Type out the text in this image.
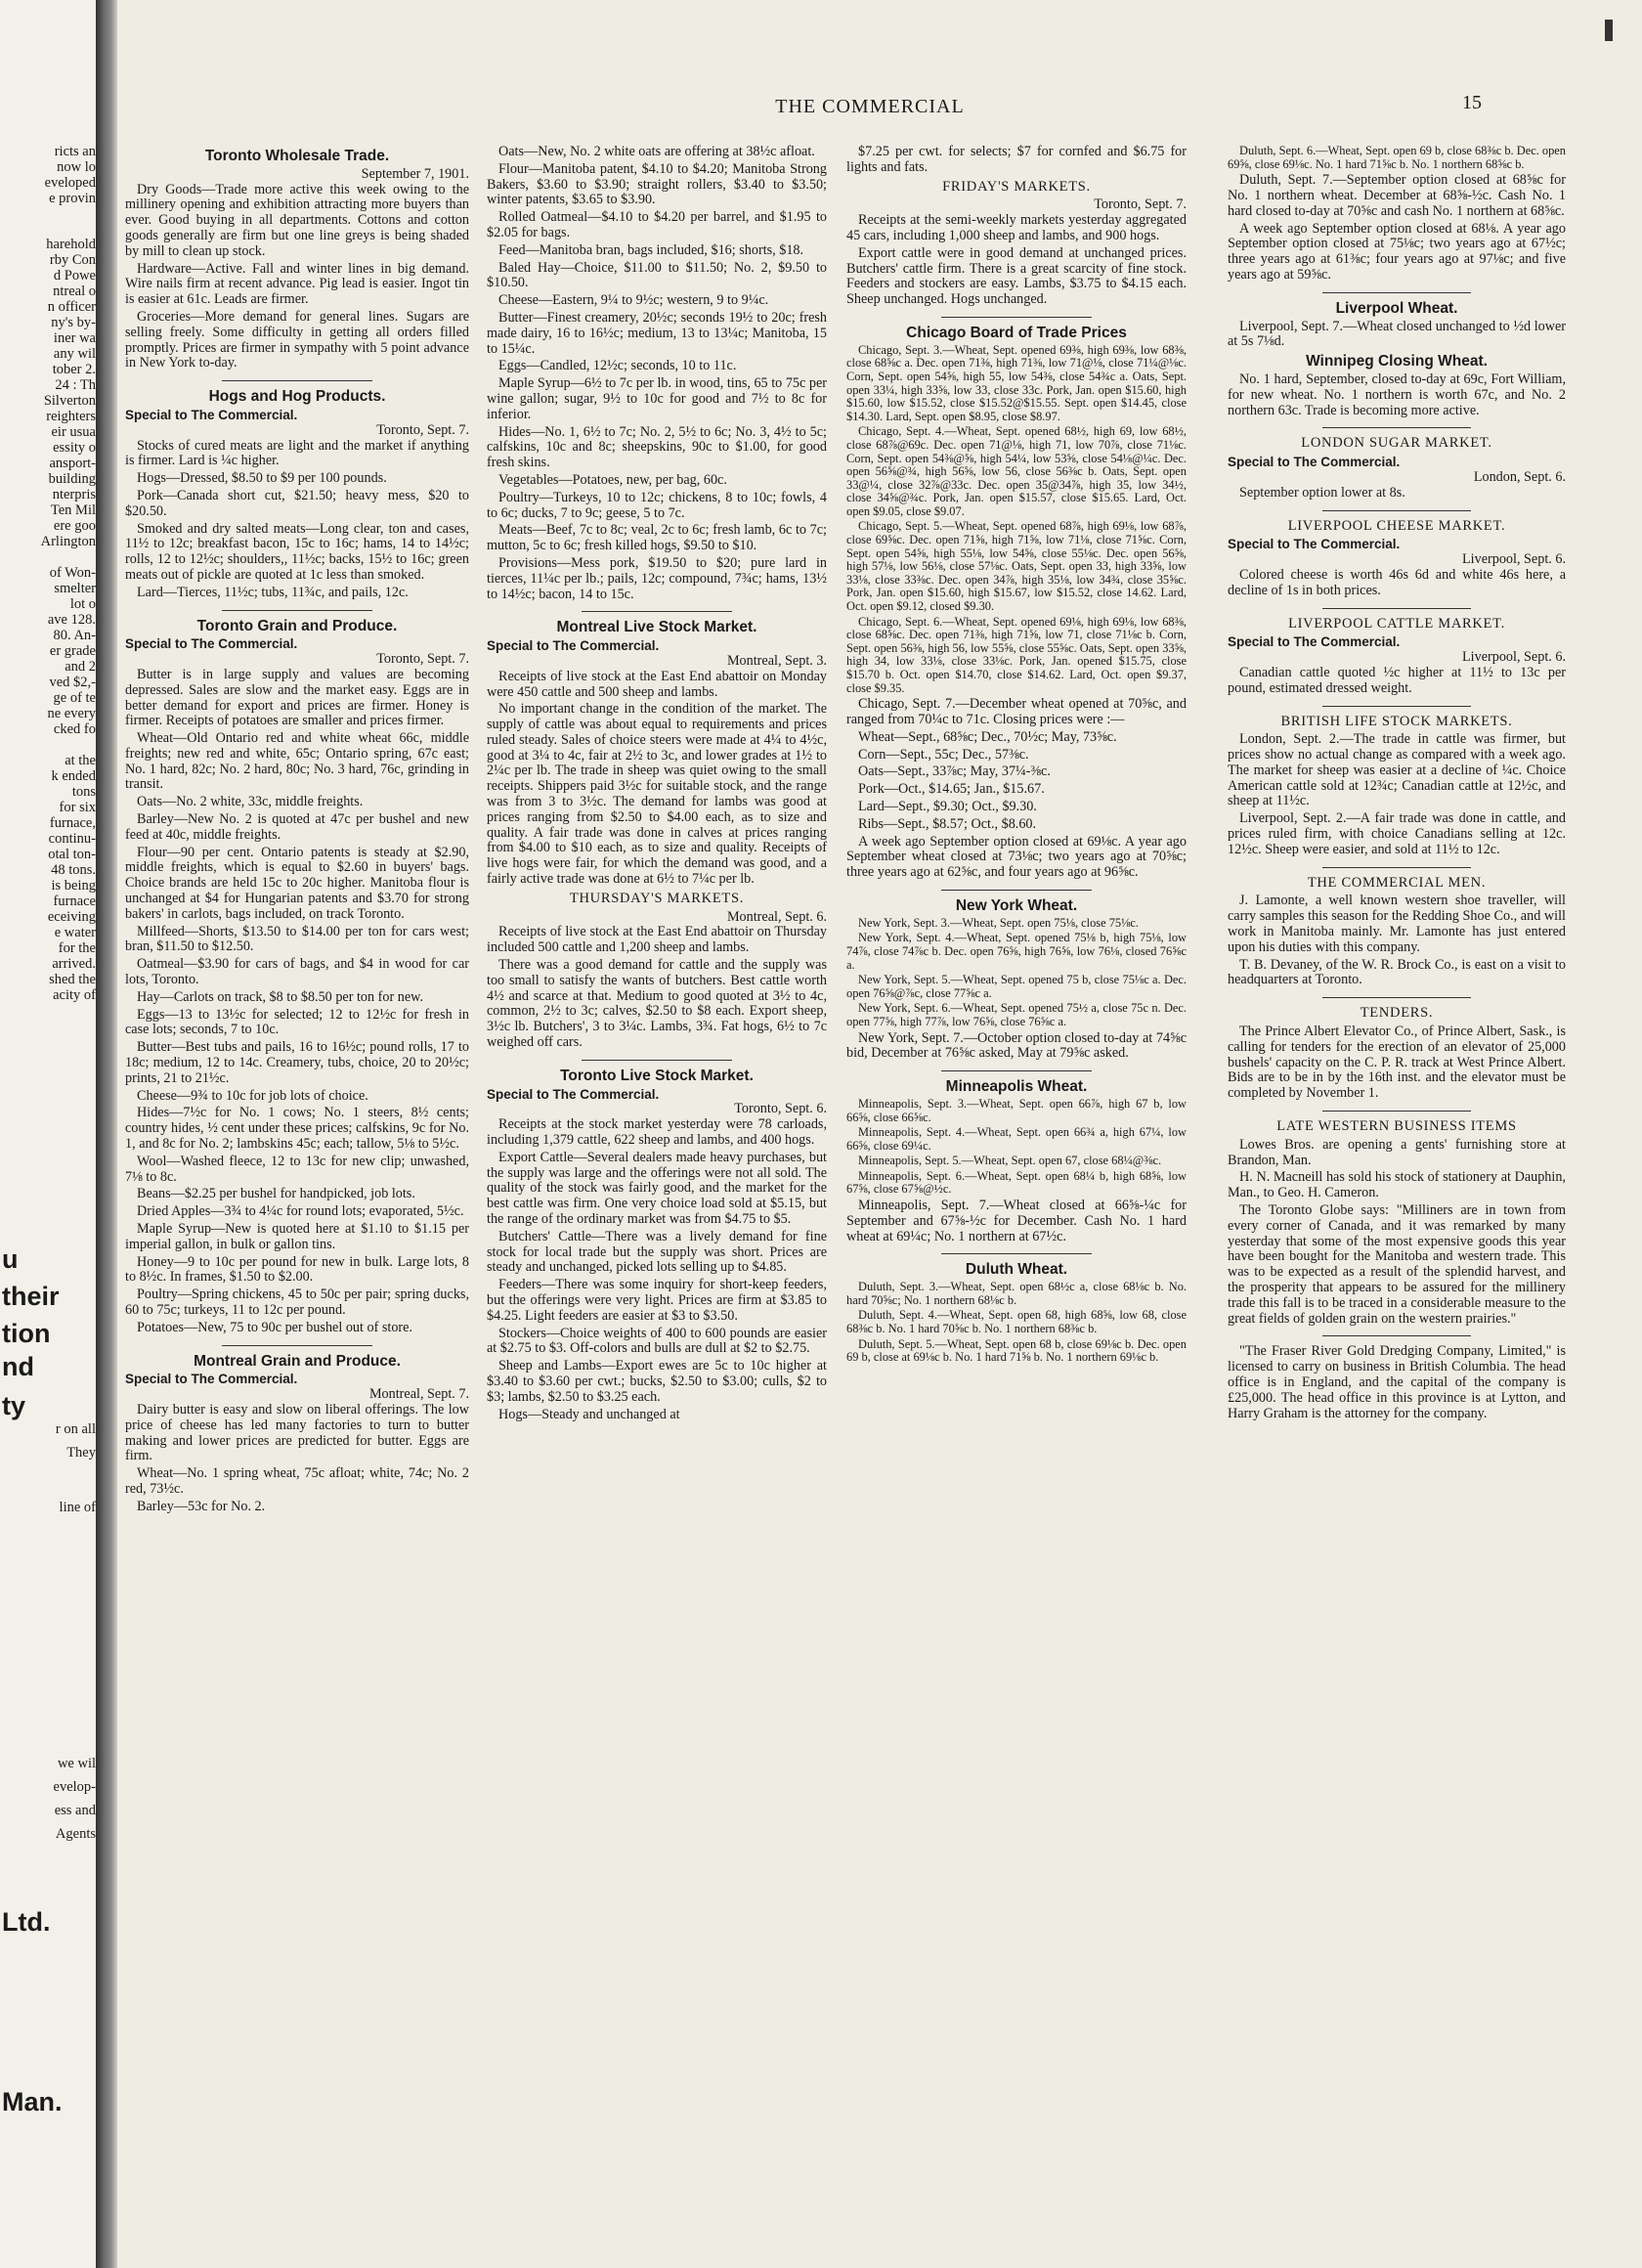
ricts an
now lo
eveloped
e provin
harehold
rby Con
d Powe
ntreal o
n officer
ny's by-
iner wa
any wil
tober 2.
24 : Th
Silverton
reighters
eir usua
essity o
ansport-
building
nterpris
Ten Mil
ere goo
Arlington
of Won-
smelter
lot o
ave 128.
80. An-
er grade
and 2
ved $2,-
ge of te
ne every
cked fo
at the
k ended
tons
for six
furnace,
continu-
otal ton-
48 tons.
is being
furnace
eceiving
e water
for the
arrived.
shed the
acity of
r on all
They
line of
we wil
evelop-
ess and
Agents
u
their
tion
nd
ty
Ltd.
Man.
THE COMMERCIAL	15

Toronto Wholesale Trade.

September 7, 1901.

Dry Goods—Trade more active this week owing to the millinery opening and exhibition attracting more buyers than ever. Good buying in all departments. Cottons and cotton goods generally are firm but one line greys is being shaded by mill to clean up stock.

Hardware—Active. Fall and winter lines in big demand. Wire nails firm at recent advance. Pig lead is easier. Ingot tin is easier at 61c. Leads are firmer.

Groceries—More demand for general lines. Sugars are selling freely. Some difficulty in getting all orders filled promptly. Prices are firmer in sympathy with 5 point advance in New York to-day.

Hogs and Hog Products.

Special to The Commercial.

Toronto, Sept. 7.

Stocks of cured meats are light and the market if anything is firmer. Lard is ¼c higher.

Hogs—Dressed, $8.50 to $9 per 100 pounds.

Pork—Canada short cut, $21.50; heavy mess, $20 to $20.50.

Smoked and dry salted meats—Long clear, ton and cases, 11½ to 12c; breakfast bacon, 15c to 16c; hams, 14 to 14½c; rolls, 12 to 12½c; shoulders,, 11½c; backs, 15½ to 16c; green meats out of pickle are quoted at 1c less than smoked.

Lard—Tierces, 11½c; tubs, 11¾c, and pails, 12c.

Toronto Grain and Produce.

Special to The Commercial.

Toronto, Sept. 7.

Butter is in large supply and values are becoming depressed. Sales are slow and the market easy. Eggs are in better demand for export and prices are firmer. Honey is firmer. Receipts of potatoes are smaller and prices firmer.

Wheat—Old Ontario red and white wheat 66c, middle freights; new red and white, 65c; Ontario spring, 67c east; No. 1 hard, 82c; No. 2 hard, 80c; No. 3 hard, 76c, grinding in transit.

Oats—No. 2 white, 33c, middle freights.

Barley—New No. 2 is quoted at 47c per bushel and new feed at 40c, middle freights.

Flour—90 per cent. Ontario patents is steady at $2.90, middle freights, which is equal to $2.60 in buyers' bags. Choice brands are held 15c to 20c higher. Manitoba flour is unchanged at $4 for Hungarian patents and $3.70 for strong bakers' in carlots, bags included, on track Toronto.

Millfeed—Shorts, $13.50 to $14.00 per ton for cars west; bran, $11.50 to $12.50.

Oatmeal—$3.90 for cars of bags, and $4 in wood for car lots, Toronto.

Hay—Carlots on track, $8 to $8.50 per ton for new.

Eggs—13 to 13½c for selected; 12 to 12½c for fresh in case lots; seconds, 7 to 10c.

Butter—Best tubs and pails, 16 to 16½c; pound rolls, 17 to 18c; medium, 12 to 14c. Creamery, tubs, choice, 20 to 20½c; prints, 21 to 21½c.

Cheese—9¾ to 10c for job lots of choice.

Hides—7½c for No. 1 cows; No. 1 steers, 8½ cents; country hides, ½ cent under these prices; calfskins, 9c for No. 1, and 8c for No. 2; lambskins 45c; each; tallow, 5⅛ to 5½c.

Wool—Washed fleece, 12 to 13c for new clip; unwashed, 7⅛ to 8c.

Beans—$2.25 per bushel for handpicked, job lots.

Dried Apples—3¾ to 4¼c for round lots; evaporated, 5½c.

Maple Syrup—New is quoted here at $1.10 to $1.15 per imperial gallon, in bulk or gallon tins.

Honey—9 to 10c per pound for new in bulk. Large lots, 8 to 8½c. In frames, $1.50 to $2.00.

Poultry—Spring chickens, 45 to 50c per pair; spring ducks, 60 to 75c; turkeys, 11 to 12c per pound.

Potatoes—New, 75 to 90c per bushel out of store.

Montreal Grain and Produce.

Special to The Commercial.

Montreal, Sept. 7.

Dairy butter is easy and slow on liberal offerings. The low price of cheese has led many factories to turn to butter making and lower prices are predicted for butter. Eggs are firm.

Wheat—No. 1 spring wheat, 75c afloat; white, 74c; No. 2 red, 73½c.

Barley—53c for No. 2.

Oats—New, No. 2 white oats are offering at 38½c afloat.

Flour—Manitoba patent, $4.10 to $4.20; Manitoba Strong Bakers, $3.60 to $3.90; straight rollers, $3.40 to $3.50; winter patents, $3.65 to $3.90.

Rolled Oatmeal—$4.10 to $4.20 per barrel, and $1.95 to $2.05 for bags.

Feed—Manitoba bran, bags included, $16; shorts, $18.

Baled Hay—Choice, $11.00 to $11.50; No. 2, $9.50 to $10.50.

Cheese—Eastern, 9¼ to 9½c; western, 9 to 9¼c.

Butter—Finest creamery, 20½c; seconds 19½ to 20c; fresh made dairy, 16 to 16½c; medium, 13 to 13¼c; Manitoba, 15 to 15¼c.

Eggs—Candled, 12½c; seconds, 10 to 11c.

Maple Syrup—6½ to 7c per lb. in wood, tins, 65 to 75c per wine gallon; sugar, 9½ to 10c for good and 7½ to 8c for inferior.

Hides—No. 1, 6½ to 7c; No. 2, 5½ to 6c; No. 3, 4½ to 5c; calfskins, 10c and 8c; sheepskins, 90c to $1.00, for good fresh skins.

Vegetables—Potatoes, new, per bag, 60c.

Poultry—Turkeys, 10 to 12c; chickens, 8 to 10c; fowls, 4 to 6c; ducks, 7 to 9c; geese, 5 to 7c.

Meats—Beef, 7c to 8c; veal, 2c to 6c; fresh lamb, 6c to 7c; mutton, 5c to 6c; fresh killed hogs, $9.50 to $10.

Provisions—Mess pork, $19.50 to $20; pure lard in tierces, 11¼c per lb.; pails, 12c; compound, 7¾c; hams, 13½ to 14½c; bacon, 14 to 15c.

Montreal Live Stock Market.

Special to The Commercial.

Montreal, Sept. 3.

Receipts of live stock at the East End abattoir on Monday were 450 cattle and 500 sheep and lambs.

No important change in the condition of the market. The supply of cattle was about equal to requirements and prices ruled steady. Sales of choice steers were made at 4¼ to 4½c, good at 3¼ to 4c, fair at 2½ to 3c, and lower grades at 1½ to 2¼c per lb. The trade in sheep was quiet owing to the small receipts. Shippers paid 3½c for suitable stock, and the range was from 3 to 3½c. The demand for lambs was good at prices ranging from $2.50 to $4.00 each, as to size and quality. A fair trade was done in calves at prices ranging from $4.00 to $10 each, as to size and quality. Receipts of live hogs were fair, for which the demand was good, and a fairly active trade was done at 6½ to 7¼c per lb.

THURSDAY'S MARKETS.

Montreal, Sept. 6.

Receipts of live stock at the East End abattoir on Thursday included 500 cattle and 1,200 sheep and lambs.

There was a good demand for cattle and the supply was too small to satisfy the wants of butchers. Best cattle worth 4½ and scarce at that. Medium to good quoted at 3½ to 4c, common, 2½ to 3c; calves, $2.50 to $8 each. Export sheep, 3½c lb. Butchers', 3 to 3¼c. Lambs, 3¾. Fat hogs, 6½ to 7c weighed off cars.

Toronto Live Stock Market.

Special to The Commercial.

Toronto, Sept. 6.

Receipts at the stock market yesterday were 78 carloads, including 1,379 cattle, 622 sheep and lambs, and 400 hogs.

Export Cattle—Several dealers made heavy purchases, but the supply was large and the offerings were not all sold. The quality of the stock was fairly good, and the market for the best cattle was firm. One very choice load sold at $5.15, but the range of the ordinary market was from $4.75 to $5.

Butchers' Cattle—There was a lively demand for fine stock for local trade but the supply was short. Prices are steady and unchanged, picked lots selling up to $4.85.

Feeders—There was some inquiry for short-keep feeders, but the offerings were very light. Prices are firm at $3.85 to $4.25. Light feeders are easier at $3 to $3.50.

Stockers—Choice weights of 400 to 600 pounds are easier at $2.75 to $3. Off-colors and bulls are dull at $2 to $2.75.

Sheep and Lambs—Export ewes are 5c to 10c higher at $3.40 to $3.60 per cwt.; bucks, $2.50 to $3.00; culls, $2 to $3; lambs, $2.50 to $3.25 each.

Hogs—Steady and unchanged at

$7.25 per cwt. for selects; $7 for cornfed and $6.75 for lights and fats.

FRIDAY'S MARKETS.

Toronto, Sept. 7.

Receipts at the semi-weekly markets yesterday aggregated 45 cars, including 1,000 sheep and lambs, and 900 hogs.

Export cattle were in good demand at unchanged prices. Butchers' cattle firm. There is a great scarcity of fine stock. Feeders and stockers are easy. Lambs, $3.75 to $4.15 each. Sheep unchanged. Hogs unchanged.

Chicago Board of Trade Prices

Chicago, Sept. 3.—Wheat, Sept. opened 69⅜, high 69⅜, low 68⅜, close 68⅝c a. Dec. open 71⅜, high 71⅜, low 71@⅛, close 71¼@⅛c. Corn, Sept. open 54⅝, high 55, low 54⅜, close 54¾c a. Oats, Sept. open 33¼, high 33⅝, low 33, close 33c. Pork, Jan. open $15.60, high $15.60, low $15.52, close $15.52@$15.55. Sept. open $14.45, close $14.30. Lard, Sept. open $8.95, close $8.97.

Chicago, Sept. 4.—Wheat, Sept. opened 68½, high 69, low 68½, close 68⅞@69c. Dec. open 71@⅛, high 71, low 70⅞, close 71⅛c. Corn, Sept. open 54⅜@⅝, high 54¼, low 53⅝, close 54⅛@¼c. Dec. open 56⅝@¾, high 56⅝, low 56, close 56⅜c b. Oats, Sept. open 33@¼, close 32⅞@33c. Dec. open 35@34⅞, high 35, low 34½, close 34⅝@¾c. Pork, Jan. open $15.57, close $15.65. Lard, Oct. open $9.05, close $9.07.

Chicago, Sept. 5.—Wheat, Sept. opened 68⅞, high 69⅛, low 68⅞, close 69⅝c. Dec. open 71⅝, high 71⅝, low 71⅛, close 71⅝c. Corn, Sept. open 54⅝, high 55⅛, low 54⅝, close 55⅛c. Dec. open 56⅝, high 57⅛, low 56⅛, close 57⅛c. Oats, Sept. open 33, high 33⅝, low 33⅛, close 33⅜c. Dec. open 34⅞, high 35⅛, low 34¾, close 35⅝c. Pork, Jan. open $15.60, high $15.67, low $15.52, close 14.62. Lard, Oct. open $9.12, closed $9.30.

Chicago, Sept. 6.—Wheat, Sept. opened 69⅛, high 69⅛, low 68⅜, close 68⅝c. Dec. open 71⅜, high 71⅝, low 71, close 71⅛c b. Corn, Sept. open 56⅜, high 56, low 55⅝, close 55⅝c. Oats, Sept. open 33⅝, high 34, low 33⅛, close 33⅛c. Pork, Jan. opened $15.75, close $15.70 b. Oct. open $14.70, close $14.62. Lard, Oct. open $9.37, close $9.35.

Chicago, Sept. 7.—December wheat opened at 70⅝c, and ranged from 70¼c to 71c. Closing prices were :—

Wheat—Sept., 68⅝c; Dec., 70½c; May, 73⅝c.

Corn—Sept., 55c; Dec., 57⅜c.

Oats—Sept., 33⅞c; May, 37¼-⅜c.

Pork—Oct., $14.65; Jan., $15.67.

Lard—Sept., $9.30; Oct., $9.30.

Ribs—Sept., $8.57; Oct., $8.60.

A week ago September option closed at 69⅛c. A year ago September wheat closed at 73⅛c; two years ago at 70⅝c; three years ago at 62⅝c, and four years ago at 96⅝c.

New York Wheat.

New York, Sept. 3.—Wheat, Sept. open 75⅛, close 75⅛c.

New York, Sept. 4.—Wheat, Sept. opened 75⅛ b, high 75⅛, low 74⅞, close 74⅞c b. Dec. open 76⅝, high 76⅝, low 76⅛, closed 76⅝c a.

New York, Sept. 5.—Wheat, Sept. opened 75 b, close 75⅛c a. Dec. open 76⅝@⅞c, close 77⅝c a.

New York, Sept. 6.—Wheat, Sept. opened 75½ a, close 75c n. Dec. open 77⅝, high 77⅞, low 76⅝, close 76⅝c a.

New York, Sept. 7.—October option closed to-day at 74⅝c bid, December at 76⅝c asked, May at 79⅝c asked.

Minneapolis Wheat.

Minneapolis, Sept. 3.—Wheat, Sept. open 66⅞, high 67 b, low 66⅝, close 66⅝c.

Minneapolis, Sept. 4.—Wheat, Sept. open 66¾ a, high 67¼, low 66⅝, close 69¼c.

Minneapolis, Sept. 5.—Wheat, Sept. open 67, close 68¼@⅜c.

Minneapolis, Sept. 6.—Wheat, Sept. open 68¼ b, high 68⅝, low 67⅝, close 67⅝@½c.

Minneapolis, Sept. 7.—Wheat closed at 66⅝-¼c for September and 67⅝-½c for December. Cash No. 1 hard wheat at 69¼c; No. 1 northern at 67½c.

Duluth Wheat.

Duluth, Sept. 3.—Wheat, Sept. open 68½c a, close 68⅛c b. No. hard 70⅝c; No. 1 northern 68⅛c b.

Duluth, Sept. 4.—Wheat, Sept. open 68, high 68⅝, low 68, close 68⅜c b. No. 1 hard 70⅝c b. No. 1 northern 68⅜c b.

Duluth, Sept. 5.—Wheat, Sept. open 68 b, close 69⅛c b. Dec. open 69 b, close at 69⅛c b. No. 1 hard 71⅝ b. No. 1 northern 69⅛c b.

Duluth, Sept. 6.—Wheat, Sept. open 69 b, close 68⅜c b. Dec. open 69⅝, close 69⅛c. No. 1 hard 71⅝c b. No. 1 northern 68⅝c b.

Duluth, Sept. 7.—September option closed at 68⅝c for No. 1 northern wheat. December at 68⅝-½c. Cash No. 1 hard closed to-day at 70⅝c and cash No. 1 northern at 68⅝c.

A week ago September option closed at 68⅛. A year ago September option closed at 75⅛c; two years ago at 67½c; three years ago at 61⅜c; four years ago at 97⅛c; and five years ago at 59⅝c.

Liverpool Wheat.

Liverpool, Sept. 7.—Wheat closed unchanged to ½d lower at 5s 7⅛d.

Winnipeg Closing Wheat.

No. 1 hard, September, closed to-day at 69c, Fort William, for new wheat. No. 1 northern is worth 67c, and No. 2 northern 63c. Trade is becoming more active.

LONDON SUGAR MARKET.

Special to The Commercial.

London, Sept. 6.

September option lower at 8s.

LIVERPOOL CHEESE MARKET.

Special to The Commercial.

Liverpool, Sept. 6.

Colored cheese is worth 46s 6d and white 46s here, a decline of 1s in both prices.

LIVERPOOL CATTLE MARKET.

Special to The Commercial.

Liverpool, Sept. 6.

Canadian cattle quoted ½c higher at 11½ to 13c per pound, estimated dressed weight.

BRITISH LIFE STOCK MARKETS.

London, Sept. 2.—The trade in cattle was firmer, but prices show no actual change as compared with a week ago. The market for sheep was easier at a decline of ¼c. Choice American cattle sold at 12¾c; Canadian cattle at 12½c, and sheep at 11½c.

Liverpool, Sept. 2.—A fair trade was done in cattle, and prices ruled firm, with choice Canadians selling at 12c. 12½c. Sheep were easier, and sold at 11½ to 12c.

THE COMMERCIAL MEN.

J. Lamonte, a well known western shoe traveller, will carry samples this season for the Redding Shoe Co., and will work in Manitoba mainly. Mr. Lamonte has just entered upon his duties with this company.

T. B. Devaney, of the W. R. Brock Co., is east on a visit to headquarters at Toronto.

TENDERS.

The Prince Albert Elevator Co., of Prince Albert, Sask., is calling for tenders for the erection of an elevator of 25,000 bushels' capacity on the C. P. R. track at West Prince Albert. Bids are to be in by the 16th inst. and the elevator must be completed by November 1.

LATE WESTERN BUSINESS ITEMS

Lowes Bros. are opening a gents' furnishing store at Brandon, Man.

H. N. Macneill has sold his stock of stationery at Dauphin, Man., to Geo. H. Cameron.

The Toronto Globe says: "Milliners are in town from every corner of Canada, and it was remarked by many yesterday that some of the most expensive goods this year have been bought for the Manitoba and western trade. This was to be expected as a result of the splendid harvest, and the prosperity that appears to be assured for the millinery trade this fall is to be traced in a considerable measure to the great fields of golden grain on the western prairies."

"The Fraser River Gold Dredging Company, Limited," is licensed to carry on business in British Columbia. The head office is in England, and the capital of the company is £25,000. The head office in this province is at Lytton, and Harry Graham is the attorney for the company.
